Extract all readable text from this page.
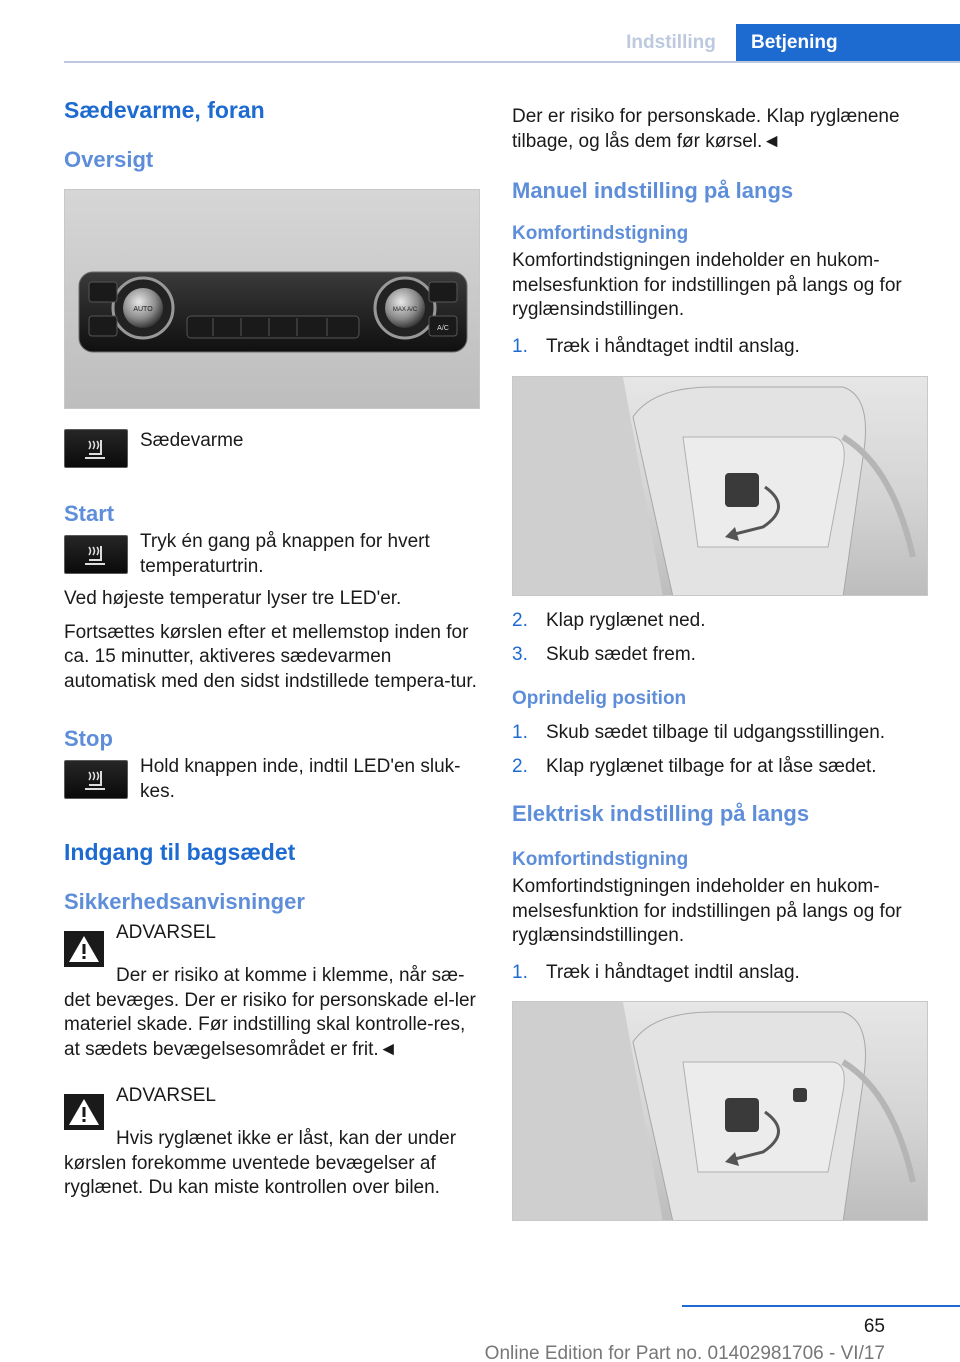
Indstilling	Betjening
Sædevarme, foran
Oversigt
AUTO	MAX A/C
A/C
Sædevarme
Start
Tryk én gang på knappen for hvert temperaturtrin.

Ved højeste temperatur lyser tre LED'er.

Fortsættes kørslen efter et mellemstop inden for ca. 15 minutter, aktiveres sædevarmen automatisk med den sidst indstillede tempera‐tur.

Stop
Hold knappen inde, indtil LED'en sluk‐kes.
Indgang til bagsædet
Sikkerhedsanvisninger
ADVARSEL

Der er risiko at komme i klemme, når sæ‐det bevæges. Der er risiko for personskade el‐ler materiel skade. Før indstilling skal kontrolle‐res, at sædets bevægelsesområdet er frit.◄

ADVARSEL

Hvis ryglænet ikke er låst, kan der under kørslen forekomme uventede bevægelser af ryglænet. Du kan miste kontrollen over bilen.

Der er risiko for personskade. Klap ryglænene tilbage, og lås dem før kørsel.◄

Manuel indstilling på langs
Komfortindstigning

Komfortindstigningen indeholder en hukom‐melsesfunktion for indstillingen på langs og for ryglænsindstillingen.

1. Træk i håndtaget indtil anslag.
2. Klap ryglænet ned.
3. Skub sædet frem.
Oprindelig position
1. Skub sædet tilbage til udgangsstillingen.
2. Klap ryglænet tilbage for at låse sædet.
Elektrisk indstilling på langs
Komfortindstigning

Komfortindstigningen indeholder en hukom‐melsesfunktion for indstillingen på langs og for ryglænsindstillingen.

1. Træk i håndtaget indtil anslag.
65
Online Edition for Part no. 01402981706 - VI/17
